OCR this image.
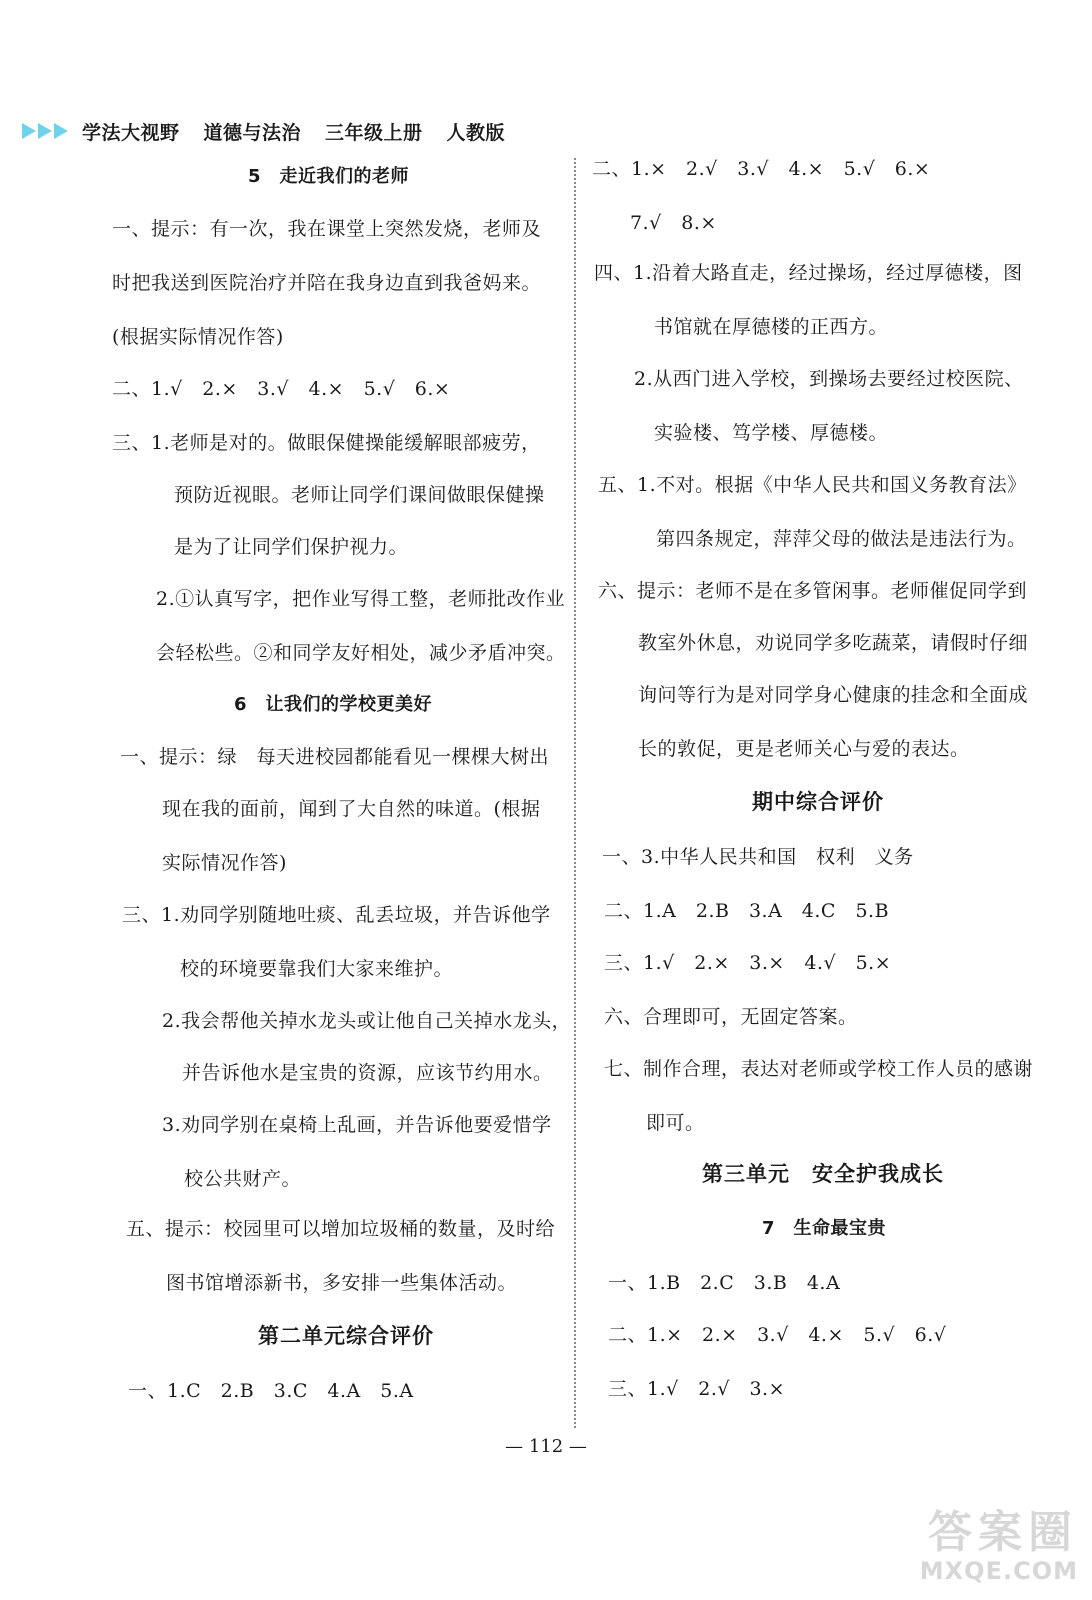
学法大视野 道德与法治 三年级上册 人教版
5　走近我们的老师
一、提示：有一次，我在课堂上突然发烧，老师及
时把我送到医院治疗并陪在我身边直到我爸妈来。
(根据实际情况作答)
二、1.√　2.×　3.√　4.×　5.√　6.×
三、1.老师是对的。做眼保健操能缓解眼部疲劳，
预防近视眼。老师让同学们课间做眼保健操
是为了让同学们保护视力。
2.①认真写字，把作业写得工整，老师批改作业
会轻松些。②和同学友好相处，减少矛盾冲突。
6　让我们的学校更美好
一、提示：绿　每天进校园都能看见一棵棵大树出
现在我的面前，闻到了大自然的味道。(根据
实际情况作答)
三、1.劝同学别随地吐痰、乱丢垃圾，并告诉他学
校的环境要靠我们大家来维护。
2.我会帮他关掉水龙头或让他自己关掉水龙头，
并告诉他水是宝贵的资源，应该节约用水。
3.劝同学别在桌椅上乱画，并告诉他要爱惜学
校公共财产。
五、提示：校园里可以增加垃圾桶的数量，及时给
图书馆增添新书，多安排一些集体活动。
第二单元综合评价
一、1.C　2.B　3.C　4.A　5.A
二、1.×　2.√　3.√　4.×　5.√　6.×
7.√　8.×
四、1.沿着大路直走，经过操场，经过厚德楼，图
书馆就在厚德楼的正西方。
2.从西门进入学校，到操场去要经过校医院、
实验楼、笃学楼、厚德楼。
五、1.不对。根据《中华人民共和国义务教育法》
第四条规定，萍萍父母的做法是违法行为。
六、提示：老师不是在多管闲事。老师催促同学到
教室外休息，劝说同学多吃蔬菜，请假时仔细
询问等行为是对同学身心健康的挂念和全面成
长的敦促，更是老师关心与爱的表达。
期中综合评价
一、3.中华人民共和国　权利　义务
二、1.A　2.B　3.A　4.C　5.B
三、1.√　2.×　3.×　4.√　5.×
六、合理即可，无固定答案。
七、制作合理，表达对老师或学校工作人员的感谢
即可。
第三单元　安全护我成长
7　生命最宝贵
一、1.B　2.C　3.B　4.A
二、1.×　2.×　3.√　4.×　5.√　6.√
三、1.√　2.√　3.×
— 112 —
答案圈
MXQE.COM
